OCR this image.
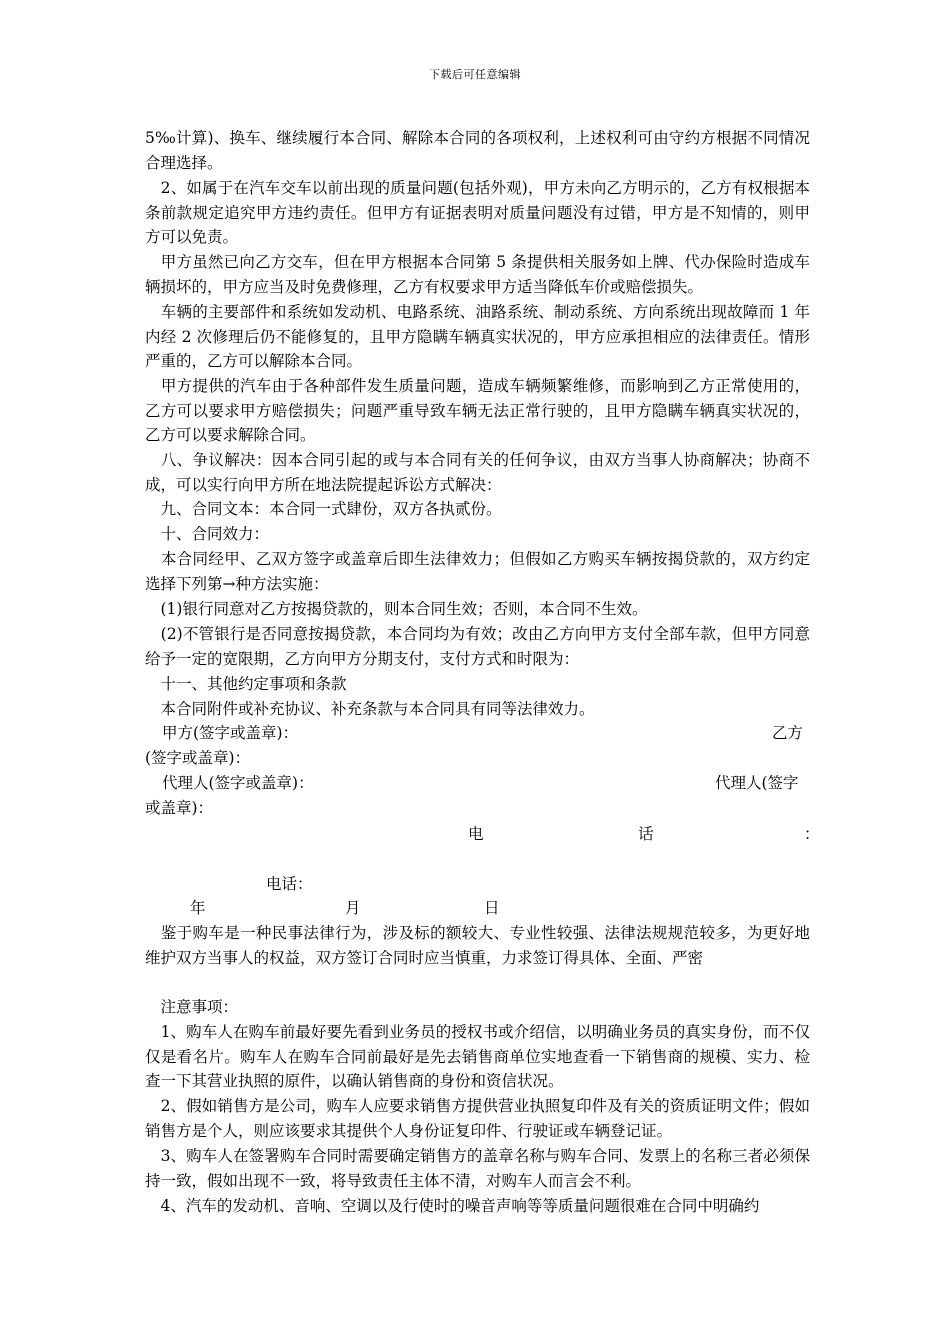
下载后可任意编辑
5‰计算)、换车、继续履行本合同、解除本合同的各项权利，上述权利可由守约方根据不同情况合理选择。
　2、如属于在汽车交车以前出现的质量问题(包括外观)，甲方未向乙方明示的，乙方有权根据本条前款规定追究甲方违约责任。但甲方有证据表明对质量问题没有过错，甲方是不知情的，则甲方可以免责。
　甲方虽然已向乙方交车，但在甲方根据本合同第 5 条提供相关服务如上牌、代办保险时造成车辆损坏的，甲方应当及时免费修理，乙方有权要求甲方适当降低车价或赔偿损失。
　车辆的主要部件和系统如发动机、电路系统、油路系统、制动系统、方向系统出现故障而 1 年内经 2 次修理后仍不能修复的，且甲方隐瞒车辆真实状况的，甲方应承担相应的法律责任。情形严重的，乙方可以解除本合同。
　甲方提供的汽车由于各种部件发生质量问题，造成车辆频繁维修，而影响到乙方正常使用的，乙方可以要求甲方赔偿损失；问题严重导致车辆无法正常行驶的，且甲方隐瞒车辆真实状况的，乙方可以要求解除合同。
　八、争议解决：因本合同引起的或与本合同有关的任何争议，由双方当事人协商解决；协商不成，可以实行向甲方所在地法院提起诉讼方式解决：
　九、合同文本：本合同一式肆份，双方各执贰份。
　十、合同效力：
　本合同经甲、乙双方签字或盖章后即生法律效力；但假如乙方购买车辆按揭贷款的，双方约定选择下列第→种方法实施：
　(1)银行同意对乙方按揭贷款的，则本合同生效；否则，本合同不生效。
　(2)不管银行是否同意按揭贷款，本合同均为有效；改由乙方向甲方支付全部车款，但甲方同意给予一定的宽限期，乙方向甲方分期支付，支付方式和时限为：
　十一、其他约定事项和条款
　本合同附件或补充协议、补充条款与本合同具有同等法律效力。
甲方(签字或盖章)：	乙方
(签字或盖章)：
代理人(签字或盖章)：	代理人(签字
或盖章)：
电	话	：
电话：
年	月	日
　鉴于购车是一种民事法律行为，涉及标的额较大、专业性较强、法律法规规范较多，为更好地维护双方当事人的权益，双方签订合同时应当慎重，力求签订得具体、全面、严密
　注意事项：
　1、购车人在购车前最好要先看到业务员的授权书或介绍信，以明确业务员的真实身份，而不仅仅是看名片。购车人在购车合同前最好是先去销售商单位实地查看一下销售商的规模、实力、检查一下其营业执照的原件，以确认销售商的身份和资信状况。
　2、假如销售方是公司，购车人应要求销售方提供营业执照复印件及有关的资质证明文件；假如销售方是个人，则应该要求其提供个人身份证复印件、行驶证或车辆登记证。
　3、购车人在签署购车合同时需要确定销售方的盖章名称与购车合同、发票上的名称三者必须保持一致，假如出现不一致，将导致责任主体不清，对购车人而言会不利。
　4、汽车的发动机、音响、空调以及行使时的噪音声响等等质量问题很难在合同中明确约
